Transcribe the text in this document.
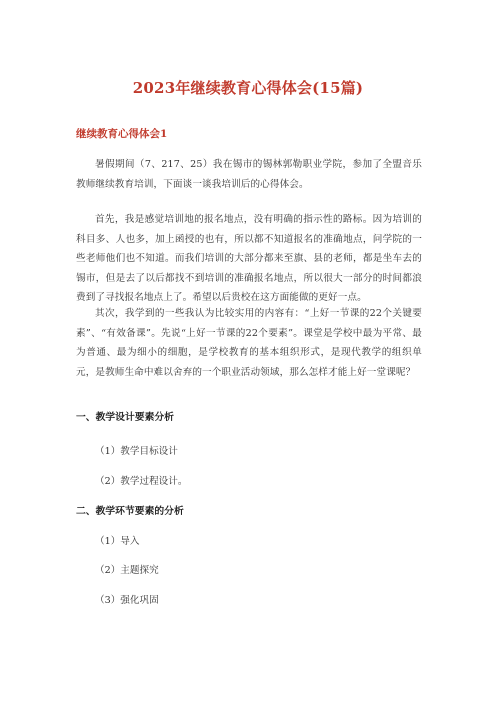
2023年继续教育心得体会(15篇)
继续教育心得体会1

暑假期间（7、217、25）我在锡市的锡林郭勒职业学院，参加了全盟音乐教师继续教育培训，下面谈一谈我培训后的心得体会。

首先，我是感觉培训地的报名地点，没有明确的指示性的路标。因为培训的科目多、人也多，加上函授的也有，所以都不知道报名的准确地点，问学院的一些老师他们也不知道。而我们培训的大部分都来至旗、县的老师，都是坐车去的锡市，但是去了以后都找不到培训的准确报名地点，所以很大一部分的时间都浪费到了寻找报名地点上了。希望以后贵校在这方面能做的更好一点。

其次，我学到的一些我认为比较实用的内容有：“上好一节课的22个关键要素”、“有效备课”。先说“上好一节课的22个要素”。课堂是学校中最为平常、最为普通、最为细小的细胞，是学校教育的基本组织形式，是现代教学的组织单元，是教师生命中难以舍弃的一个职业活动领域，那么怎样才能上好一堂课呢？

一、教学设计要素分析
（1）教学目标设计
（2）教学过程设计。
二、教学环节要素的分析
（1）导入
（2）主题探究
（3）强化巩固
